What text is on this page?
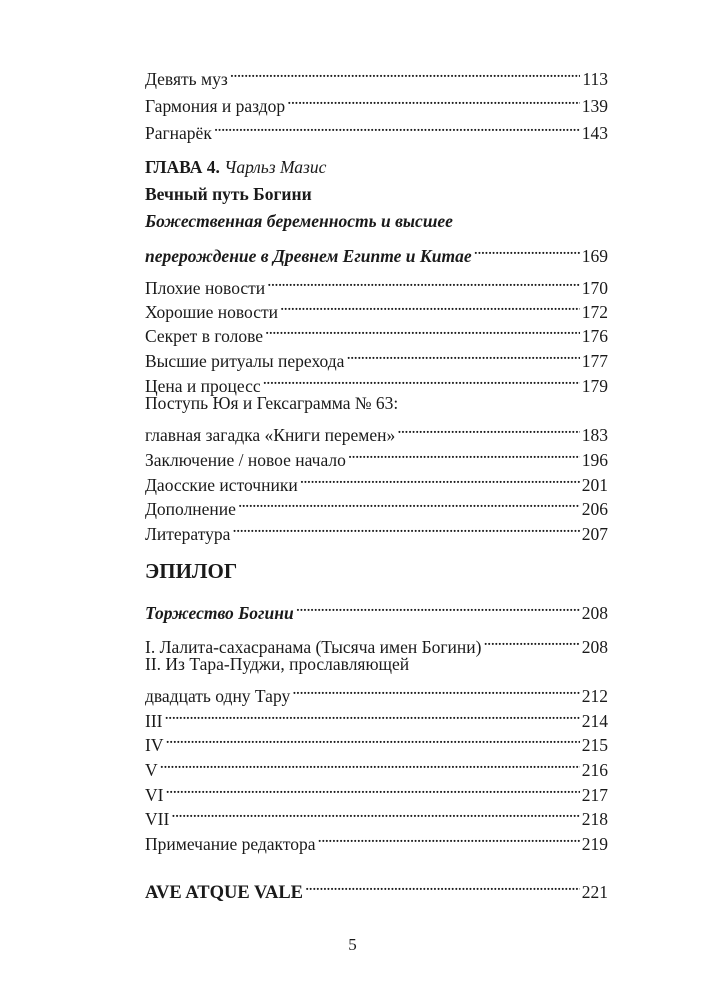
Девять муз . . .	113
Гармония и раздор . . .	139
Рагнарёк . . .	143
ГЛАВА 4. Чарльз Мазис
Вечный путь Богини
Божественная беременность и высшее
перерождение в Древнем Египте и Китае . . .	169
Плохие новости . . .	170
Хорошие новости . . .	172
Секрет в голове . . .	176
Высшие ритуалы перехода . . .	177
Цена и процесс . . .	179
Поступь Юя и Гексаграмма № 63:
главная загадка «Книги перемен» . . .	183
Заключение / новое начало . . .	196
Даосские источники . . .	201
Дополнение . . .	206
Литература . . .	207
ЭПИЛОГ
Торжество Богини . . .	208
I. Лалита-сахасранама (Тысяча имен Богини) . . .	208
II. Из Тара-Пуджи, прославляющей
двадцать одну Тару . . .	212
III . . .	214
IV . . .	215
V . . .	216
VI . . .	217
VII . . .	218
Примечание редактора . . .	219
AVE ATQUE VALE . . .	221
5
